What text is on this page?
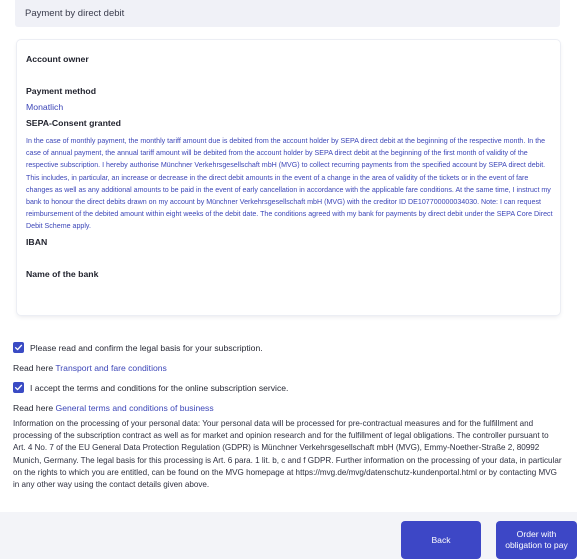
Payment by direct debit
Account owner
Payment method
Monatlich
SEPA-Consent granted
In the case of monthly payment, the monthly tariff amount due is debited from the account holder by SEPA direct debit at the beginning of the respective month. In the case of annual payment, the annual tariff amount will be debited from the account holder by SEPA direct debit at the beginning of the first month of validity of the respective subscription. I hereby authorise Münchner Verkehrsgesellschaft mbH (MVG) to collect recurring payments from the specified account by SEPA direct debit. This includes, in particular, an increase or decrease in the direct debit amounts in the event of a change in the area of validity of the tickets or in the event of fare changes as well as any additional amounts to be paid in the event of early cancellation in accordance with the applicable fare conditions. At the same time, I instruct my bank to honour the direct debits drawn on my account by Münchner Verkehrsgesellschaft mbH (MVG) with the creditor ID DE107700000034030. Note: I can request reimbursement of the debited amount within eight weeks of the debit date. The conditions agreed with my bank for payments by direct debit under the SEPA Core Direct Debit Scheme apply.
IBAN
Name of the bank
Please read and confirm the legal basis for your subscription.
Read here Transport and fare conditions
I accept the terms and conditions for the online subscription service.
Read here General terms and conditions of business
Information on the processing of your personal data: Your personal data will be processed for pre-contractual measures and for the fulfillment and processing of the subscription contract as well as for market and opinion research and for the fulfillment of legal obligations. The controller pursuant to Art. 4 No. 7 of the EU General Data Protection Regulation (GDPR) is Münchner Verkehrsgesellschaft mbH (MVG), Emmy-Noether-Straße 2, 80992 Munich, Germany. The legal basis for this processing is Art. 6 para. 1 lit. b, c and f GDPR. Further information on the processing of your data, in particular on the rights to which you are entitled, can be found on the MVG homepage at https://mvg.de/mvg/datenschutz-kundenportal.html or by contacting MVG in any other way using the contact details given above.
Back
Order with
obligation to pay
